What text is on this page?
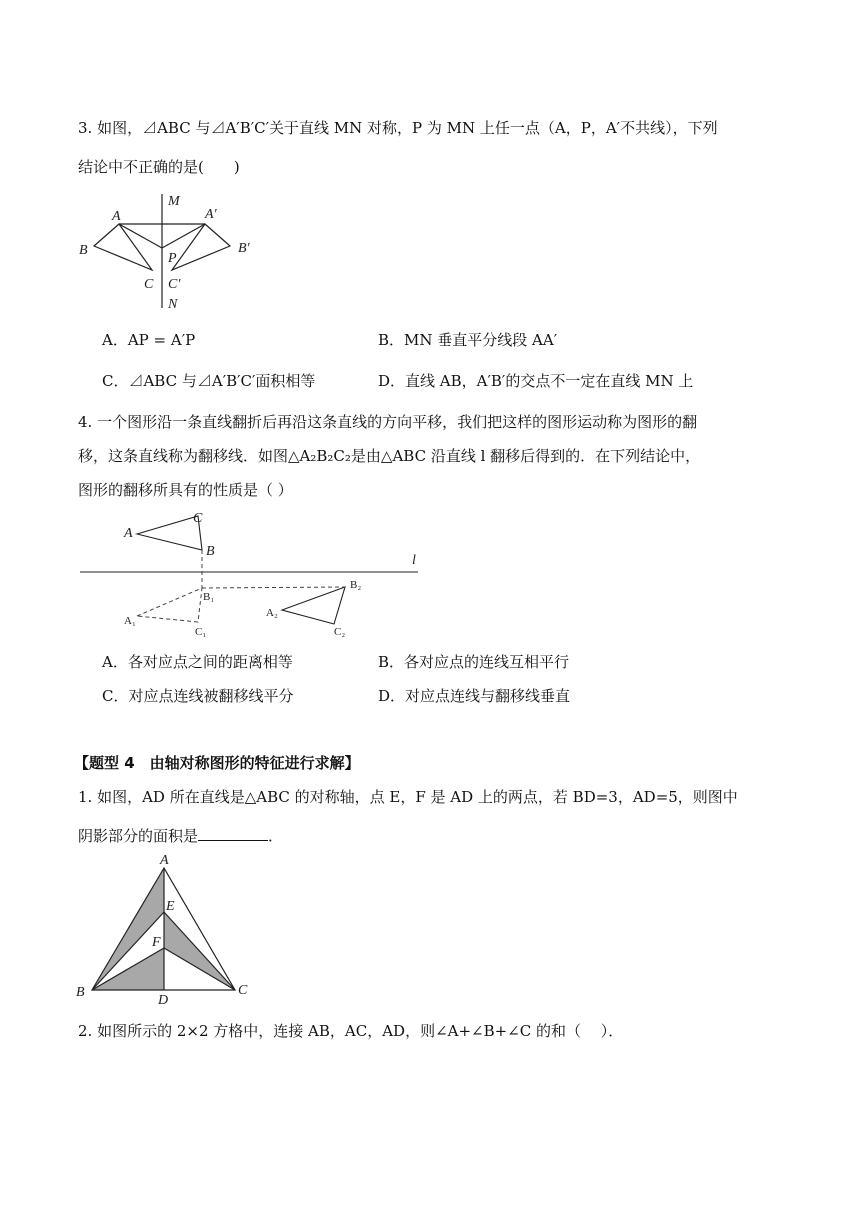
3. 如图，⊿ABC 与⊿A′B′C′关于直线 MN 对称，P 为 MN 上任一点（A，P，A′不共线），下列
结论中不正确的是(　　)
M
A	A′
B	B′
P
C C′
N
A．AP = A′P	B．MN 垂直平分线段 AA′
C．⊿ABC 与⊿A′B′C′面积相等	D．直线 AB，A′B′的交点不一定在直线 MN 上
4. 一个图形沿一条直线翻折后再沿这条直线的方向平移，我们把这样的图形运动称为图形的翻
移，这条直线称为翻移线．如图△A₂B₂C₂是由△ABC 沿直线 l 翻移后得到的．在下列结论中，
图形的翻移所具有的性质是（ ）
A
C
B
l
A₁
B₁
C₁
A₂
B₂
C₂
A．各对应点之间的距离相等	B．各对应点的连线互相平行
C．对应点连线被翻移线平分	D．对应点连线与翻移线垂直
【题型 4　由轴对称图形的特征进行求解】
1. 如图，AD 所在直线是△ABC 的对称轴，点 E，F 是 AD 上的两点，若 BD=3，AD=5，则图中
阴影部分的面积是	．
A
E
F
B	C
D
2. 如图所示的 2×2 方格中，连接 AB，AC，AD，则∠A+∠B+∠C 的和（　 ）．
